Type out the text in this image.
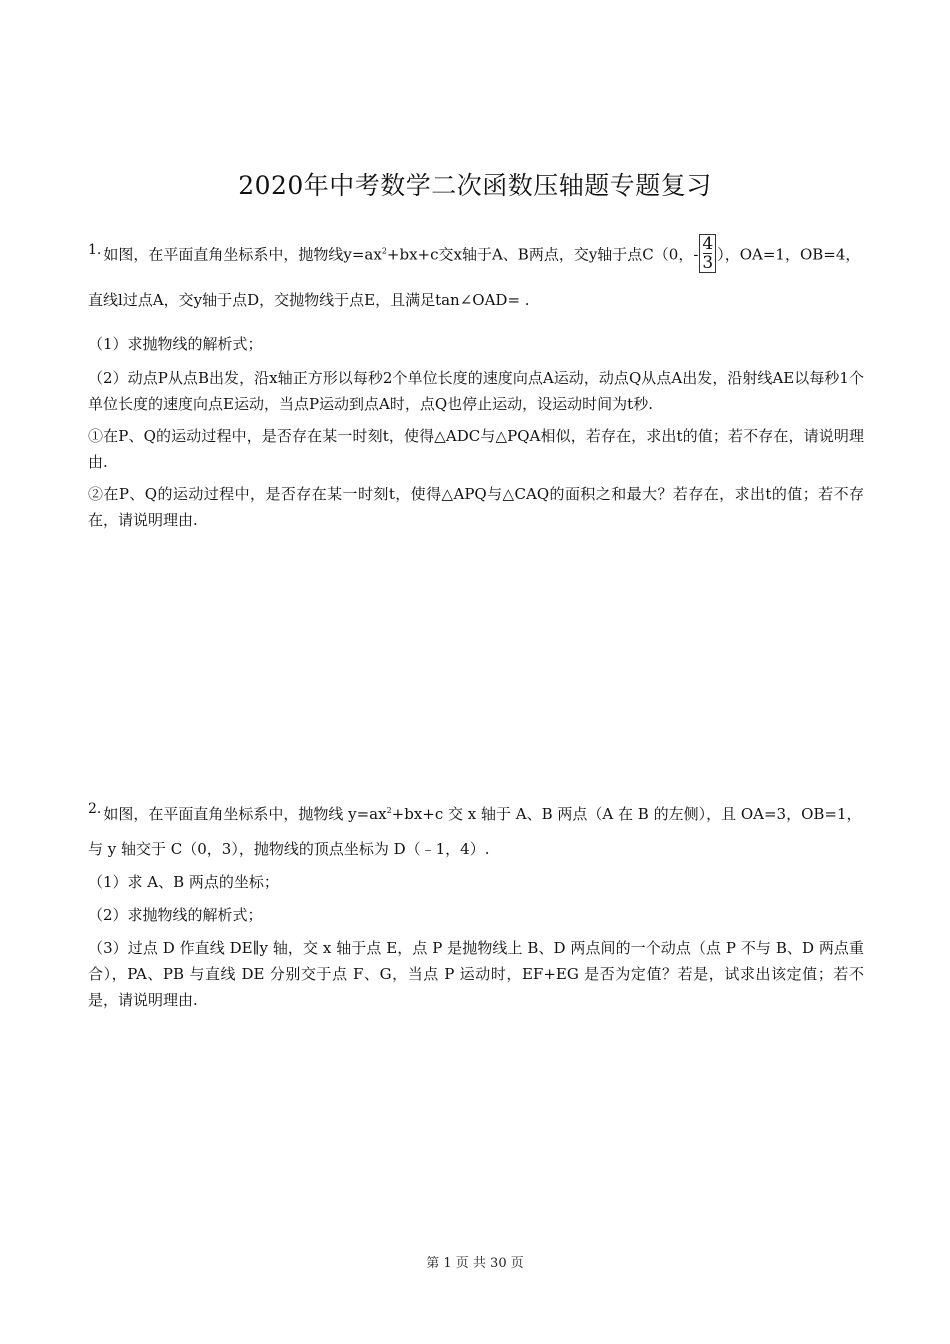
2020年中考数学二次函数压轴题专题复习
1. 如图，在平面直角坐标系中，抛物线$y=ax^2+bx+c$交x轴于A、B两点，交y轴于点C（0，$-\frac{4}{3}$），OA=1，OB=4，
直线l过点A，交y轴于点D，交抛物线于点E，且满足tan∠OAD= .
（1）求抛物线的解析式；
（2）动点P从点B出发，沿x轴正方形以每秒2个单位长度的速度向点A运动，动点Q从点A出发，沿射线AE以每秒1个单位长度的速度向点E运动，当点P运动到点A时，点Q也停止运动，设运动时间为t秒.
①在P、Q的运动过程中，是否存在某一时刻t，使得△ADC与△PQA相似，若存在，求出t的值；若不存在，请说明理由.
②在P、Q的运动过程中，是否存在某一时刻t，使得△APQ与△CAQ的面积之和最大？若存在，求出t的值；若不存在，请说明理由.
2. 如图，在平面直角坐标系中，抛物线 $y=ax^2+bx+c$ 交 x 轴于 A、B 两点（A 在 B 的左侧），且 OA=3，OB=1，
与 y 轴交于 C（0，3），抛物线的顶点坐标为 D（﹣1，4）.
（1）求 A、B 两点的坐标；
（2）求抛物线的解析式；
（3）过点 D 作直线 DE∥y 轴，交 x 轴于点 E，点 P 是抛物线上 B、D 两点间的一个动点（点 P 不与 B、D 两点重合），PA、PB 与直线 DE 分别交于点 F、G，当点 P 运动时，EF+EG 是否为定值？若是，试求出该定值；若不是，请说明理由.
第 1 页 共 30 页
